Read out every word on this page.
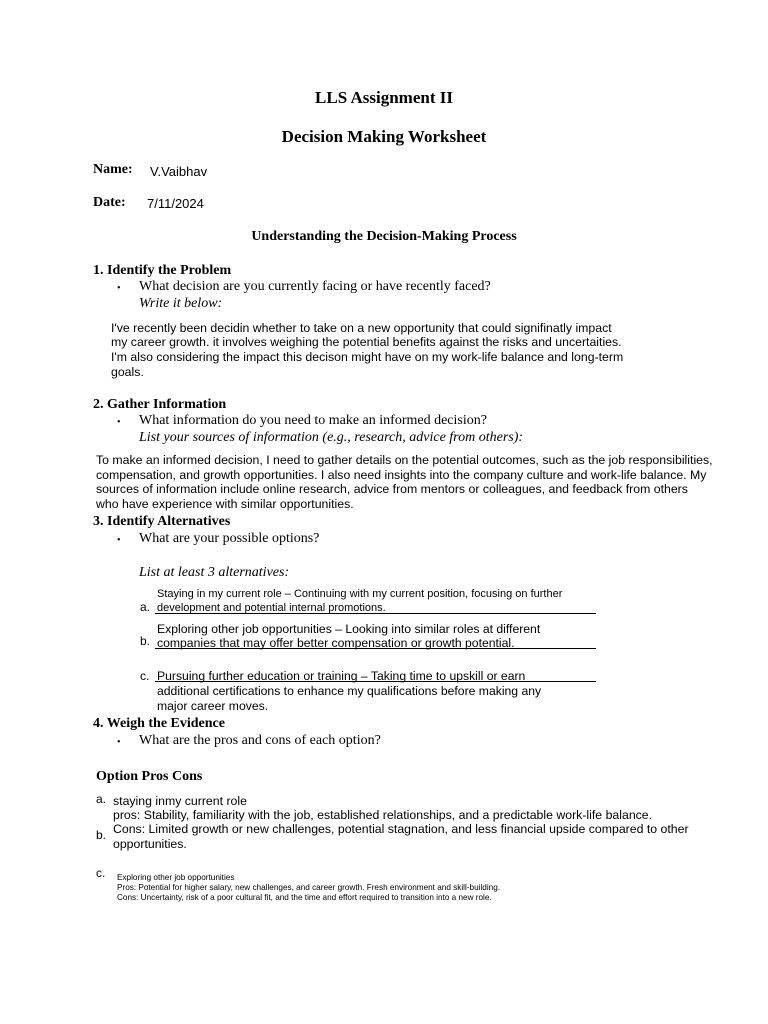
LLS Assignment II
Decision Making Worksheet
Name: V.Vaibhav
Date: 7/11/2024
Understanding the Decision-Making Process
1. Identify the Problem
• What decision are you currently facing or have recently faced?
Write it below:
I've recently been decidin whether to take on a new opportunity that could signifinatly impact
my career growth. it involves weighing the potential benefits against the risks and uncertaities.
I'm also considering the impact this decison might have on my work-life balance and long-term
goals.
2. Gather Information
• What information do you need to make an informed decision?
List your sources of information (e.g., research, advice from others):
To make an informed decision, I need to gather details on the potential outcomes, such as the job responsibilities,
compensation, and growth opportunities. I also need insights into the company culture and work-life balance. My
sources of information include online research, advice from mentors or colleagues, and feedback from others
who have experience with similar opportunities.
3. Identify Alternatives
• What are your possible options?
List at least 3 alternatives:
a.
Staying in my current role – Continuing with my current position, focusing on further
development and potential internal promotions.
b.
Exploring other job opportunities – Looking into similar roles at different
companies that may offer better compensation or growth potential.
c. Pursuing further education or training – Taking time to upskill or earn
additional certifications to enhance my qualifications before making any
major career moves.
4. Weigh the Evidence
• What are the pros and cons of each option?
Option Pros Cons
a.
b.
c.
staying inmy current role
pros: Stability, familiarity with the job, established relationships, and a predictable work-life balance.
Cons: Limited growth or new challenges, potential stagnation, and less financial upside compared to other
opportunities.
Exploring other job opportunities
Pros: Potential for higher salary, new challenges, and career growth. Fresh environment and skill-building.
Cons: Uncertainty, risk of a poor cultural fit, and the time and effort required to transition into a new role.
